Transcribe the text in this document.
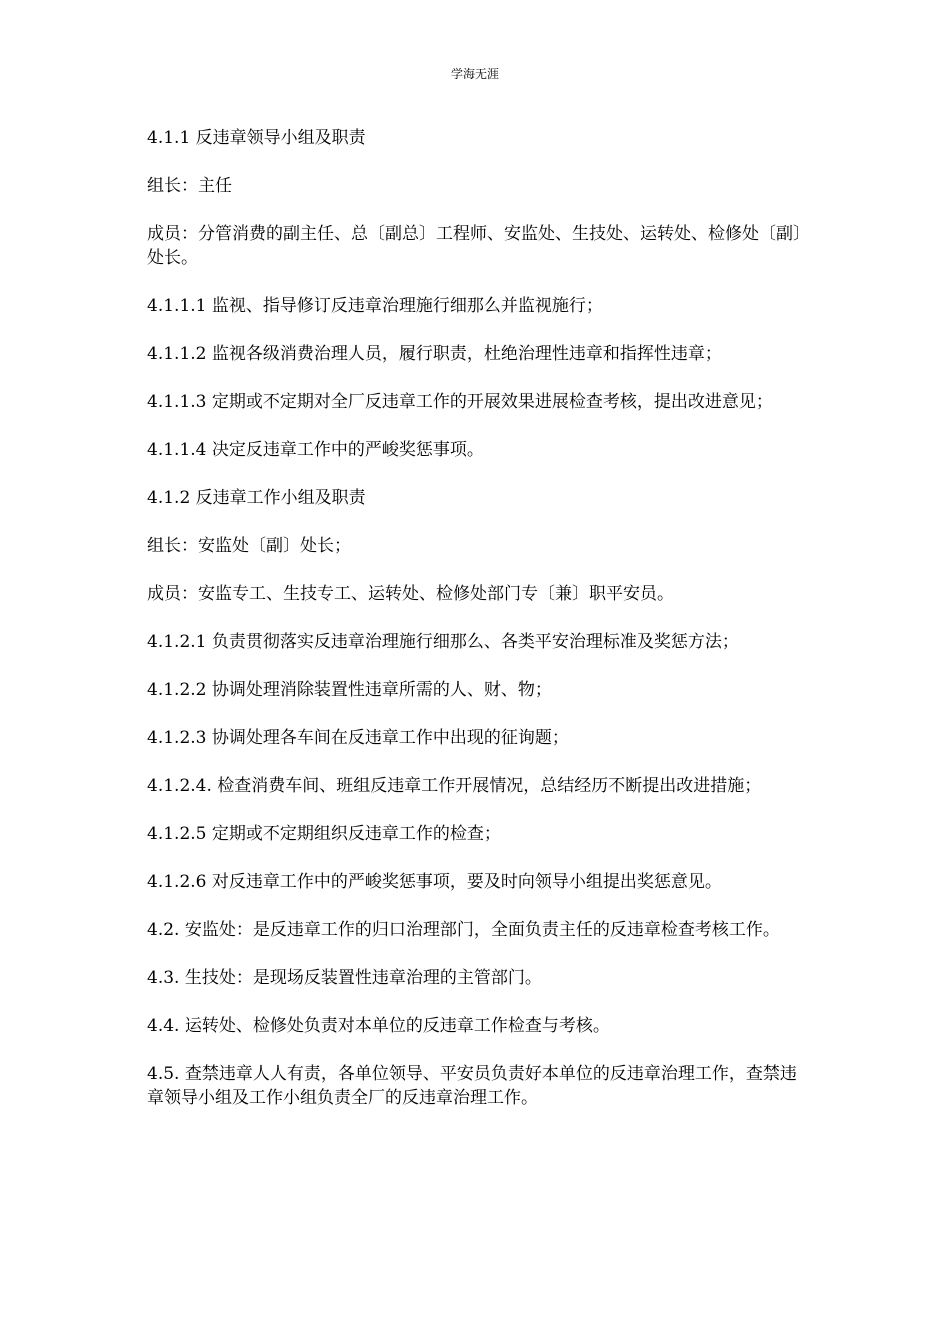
学海无涯

4.1.1 反违章领导小组及职责

组长：主任

成员：分管消费的副主任、总〔副总〕工程师、安监处、生技处、运转处、检修处〔副〕处长。

4.1.1.1 监视、指导修订反违章治理施行细那么并监视施行；

4.1.1.2 监视各级消费治理人员，履行职责，杜绝治理性违章和指挥性违章；

4.1.1.3 定期或不定期对全厂反违章工作的开展效果进展检查考核，提出改进意见；

4.1.1.4 决定反违章工作中的严峻奖惩事项。

4.1.2 反违章工作小组及职责

组长：安监处〔副〕处长；

成员：安监专工、生技专工、运转处、检修处部门专〔兼〕职平安员。

4.1.2.1 负责贯彻落实反违章治理施行细那么、各类平安治理标准及奖惩方法；

4.1.2.2 协调处理消除装置性违章所需的人、财、物；

4.1.2.3 协调处理各车间在反违章工作中出现的征询题；

4.1.2.4. 检查消费车间、班组反违章工作开展情况，总结经历不断提出改进措施；

4.1.2.5 定期或不定期组织反违章工作的检查；

4.1.2.6 对反违章工作中的严峻奖惩事项，要及时向领导小组提出奖惩意见。

4.2. 安监处：是反违章工作的归口治理部门，全面负责主任的反违章检查考核工作。

4.3. 生技处：是现场反装置性违章治理的主管部门。

4.4. 运转处、检修处负责对本单位的反违章工作检查与考核。

4.5. 查禁违章人人有责，各单位领导、平安员负责好本单位的反违章治理工作，查禁违章领导小组及工作小组负责全厂的反违章治理工作。
